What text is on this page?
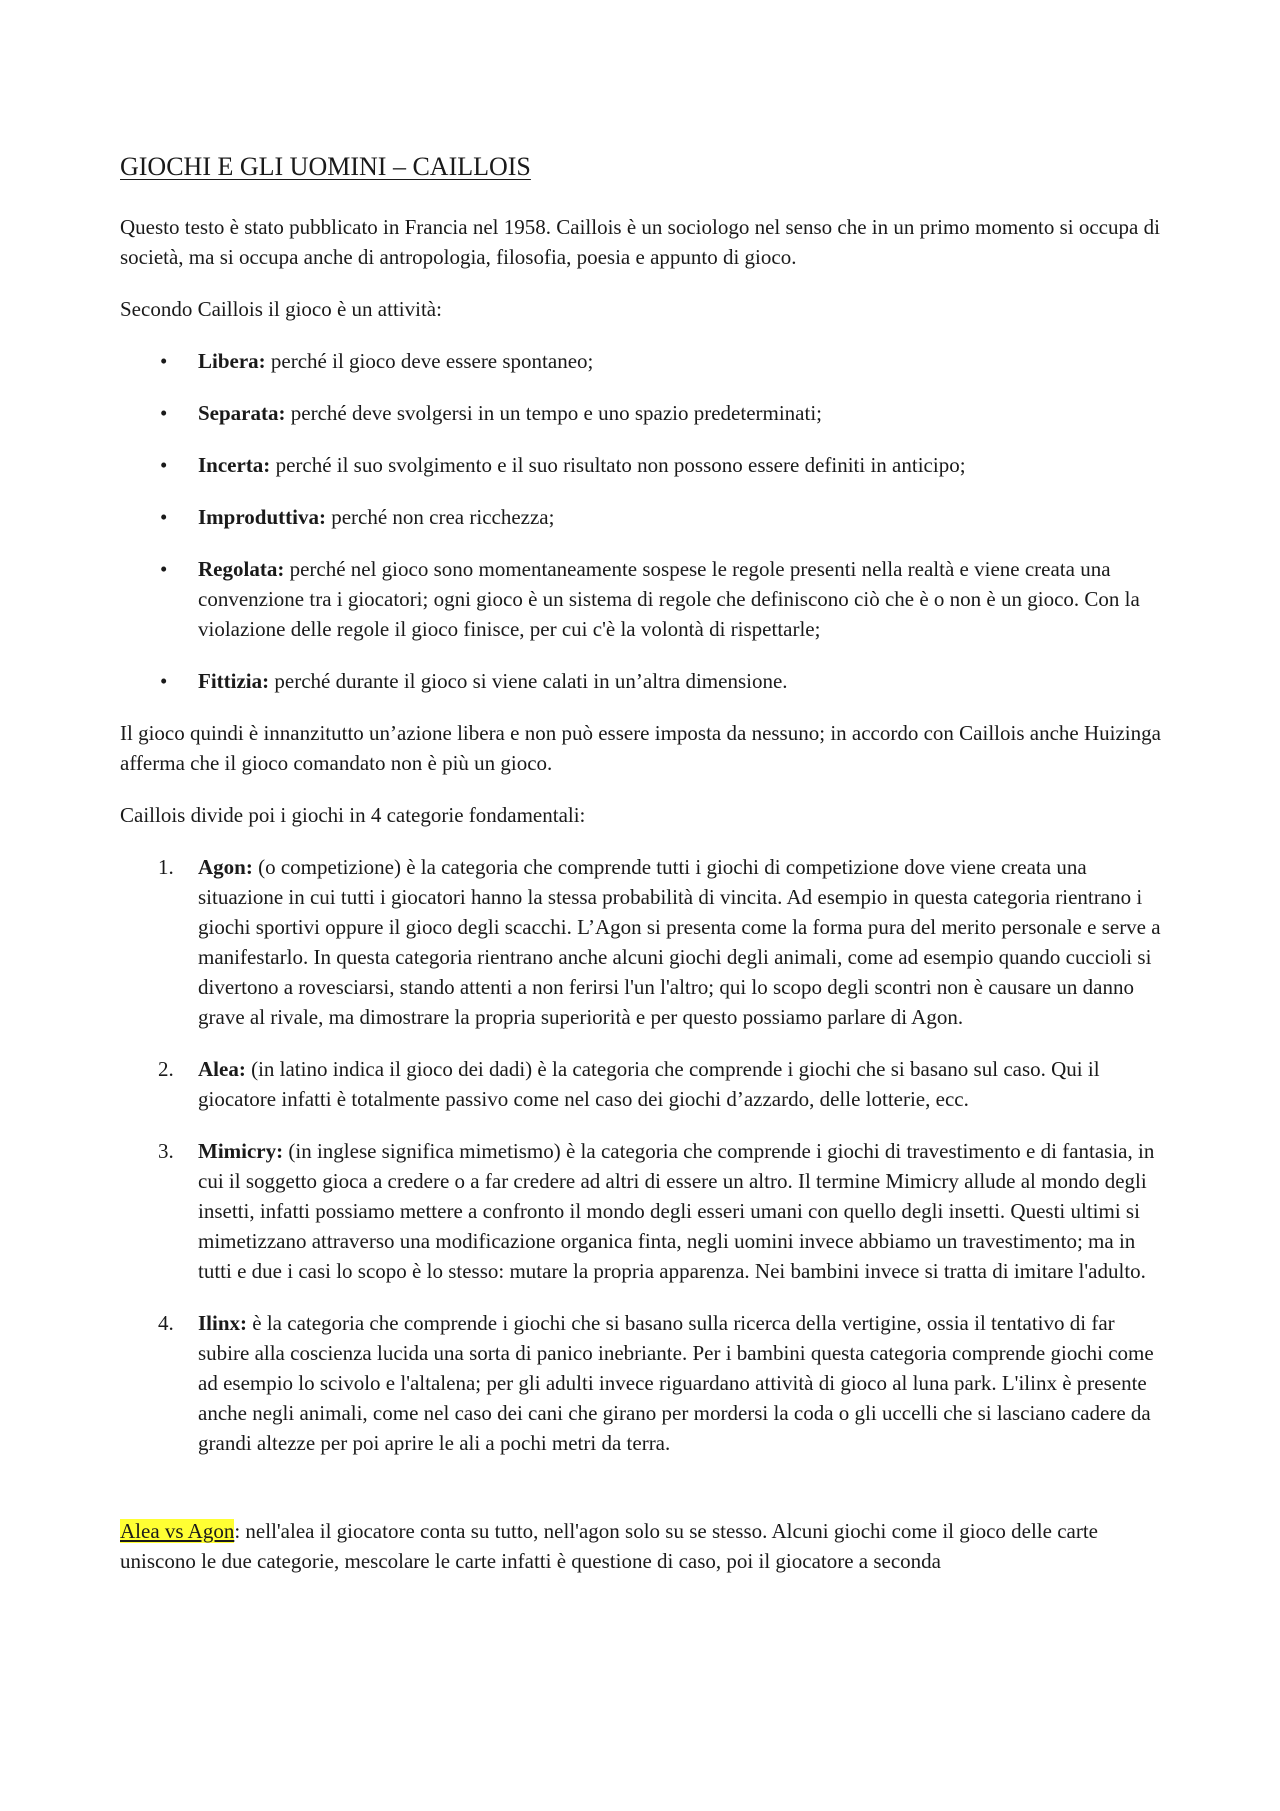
GIOCHI E GLI UOMINI – CAILLOIS

Questo testo è stato pubblicato in Francia nel 1958. Caillois è un sociologo nel senso che in un primo momento si occupa di società, ma si occupa anche di antropologia, filosofia, poesia e appunto di gioco.

Secondo Caillois il gioco è un attività:

• Libera: perché il gioco deve essere spontaneo;
• Separata: perché deve svolgersi in un tempo e uno spazio predeterminati;
• Incerta: perché il suo svolgimento e il suo risultato non possono essere definiti in anticipo;
• Improduttiva: perché non crea ricchezza;
• Regolata: perché nel gioco sono momentaneamente sospese le regole presenti nella realtà e viene creata una convenzione tra i giocatori; ogni gioco è un sistema di regole che definiscono ciò che è o non è un gioco. Con la violazione delle regole il gioco finisce, per cui c'è la volontà di rispettarle;
• Fittizia: perché durante il gioco si viene calati in un’altra dimensione.

Il gioco quindi è innanzitutto un’azione libera e non può essere imposta da nessuno; in accordo con Caillois anche Huizinga afferma che il gioco comandato non è più un gioco.

Caillois divide poi i giochi in 4 categorie fondamentali:

1. Agon: (o competizione) è la categoria che comprende tutti i giochi di competizione dove viene creata una situazione in cui tutti i giocatori hanno la stessa probabilità di vincita. Ad esempio in questa categoria rientrano i giochi sportivi oppure il gioco degli scacchi. L’Agon si presenta come la forma pura del merito personale e serve a manifestarlo. In questa categoria rientrano anche alcuni giochi degli animali, come ad esempio quando cuccioli si divertono a rovesciarsi, stando attenti a non ferirsi l'un l'altro; qui lo scopo degli scontri non è causare un danno grave al rivale, ma dimostrare la propria superiorità e per questo possiamo parlare di Agon.
2. Alea: (in latino indica il gioco dei dadi) è la categoria che comprende i giochi che si basano sul caso. Qui il giocatore infatti è totalmente passivo come nel caso dei giochi d’azzardo, delle lotterie, ecc.
3. Mimicry: (in inglese significa mimetismo) è la categoria che comprende i giochi di travestimento e di fantasia, in cui il soggetto gioca a credere o a far credere ad altri di essere un altro. Il termine Mimicry allude al mondo degli insetti, infatti possiamo mettere a confronto il mondo degli esseri umani con quello degli insetti. Questi ultimi si mimetizzano attraverso una modificazione organica finta, negli uomini invece abbiamo un travestimento; ma in tutti e due i casi lo scopo è lo stesso: mutare la propria apparenza. Nei bambini invece si tratta di imitare l'adulto.
4. Ilinx: è la categoria che comprende i giochi che si basano sulla ricerca della vertigine, ossia il tentativo di far subire alla coscienza lucida una sorta di panico inebriante. Per i bambini questa categoria comprende giochi come ad esempio lo scivolo e l'altalena; per gli adulti invece riguardano attività di gioco al luna park. L'ilinx è presente anche negli animali, come nel caso dei cani che girano per mordersi la coda o gli uccelli che si lasciano cadere da grandi altezze per poi aprire le ali a pochi metri da terra.

Alea vs Agon: nell'alea il giocatore conta su tutto, nell'agon solo su se stesso. Alcuni giochi come il gioco delle carte uniscono le due categorie, mescolare le carte infatti è questione di caso, poi il giocatore a seconda
